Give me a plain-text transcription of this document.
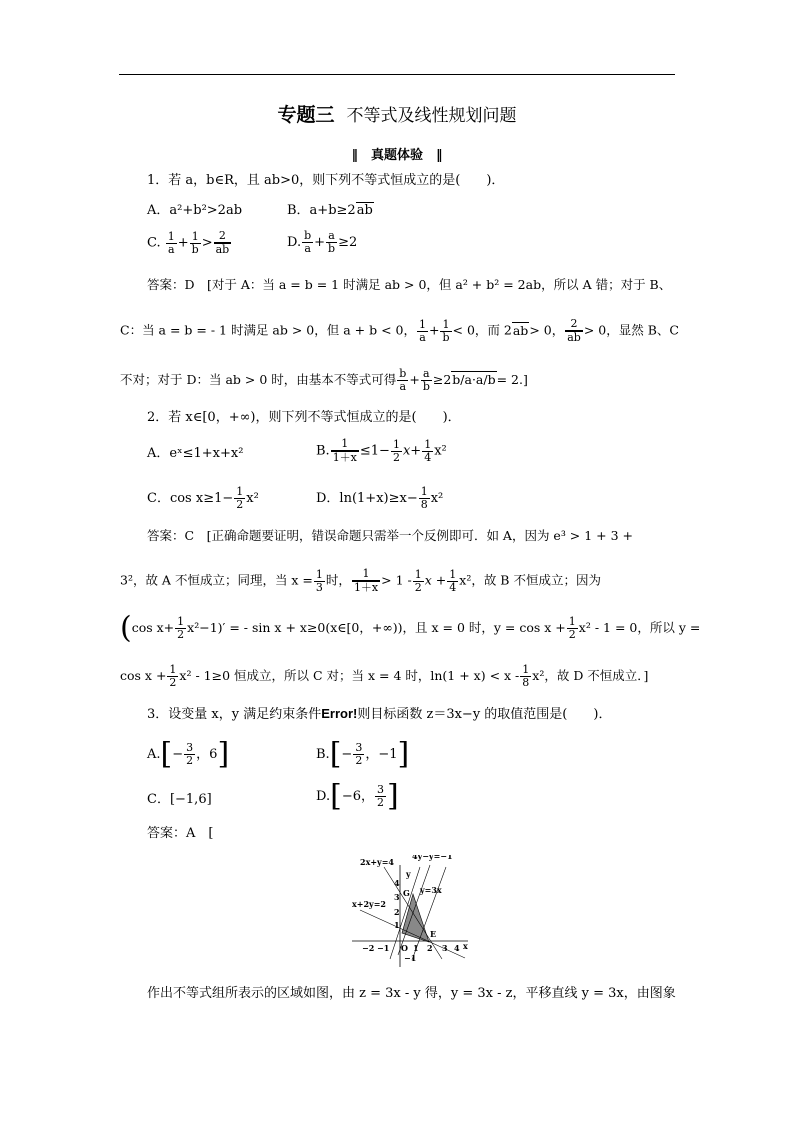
专题三 不等式及线性规划问题
‖　真题体验　‖
1．若 a，b∈R，且 ab>0，则下列不等式恒成立的是(　　)．
A．a²+b²>2ab	B．a+b≥2ab
C. $\frac{1}{a} + \frac{1}{b} > \frac{2}{ab}$	D. $\frac{b}{a} + \frac{a}{b} \ge 2$
答案：D　[对于 A：当 a = b = 1 时满足 ab > 0，但 a² + b² = 2ab，所以 A 错；对于 B、
C：当 a = b = - 1 时满足 ab > 0，但 a + b < 0， $\frac{1}{a} + \frac{1}{b} < 0$，而 2ab> 0， $\frac{2}{ab} > 0$，显然 B、C
不对；对于 D：当 ab > 0 时，由基本不等式可得 $\frac{b}{a} + \frac{a}{b} \ge 2b/a\cdot a/b= 2$.]
2．若 x∈[0，+∞)，则下列不等式恒成立的是(　　)．
A．eˣ≤1+x+x²	B. $\frac{1}{1+x} \le 1- \frac{1}{2} x+ \frac{1}{4} x^2$
C．$\cos x\ge 1- \frac{1}{2} x^2$	D．$\ln(1+x)\ge x- \frac{1}{8} x^2$
答案：C　[正确命题要证明，错误命题只需举一个反例即可．如 A，因为 e³ > 1 + 3 +
3²，故 A 不恒成立；同理，当 $x = \frac{1}{3}$ 时， $\frac{1}{1+x} > 1 - \frac{1}{2}$ $x + \frac{1}{4} x^2$，故 B 不恒成立；因为
(cos $x+ \frac{1}{2} x^2-1)'$ = - sin x + x≥0(x∈[0，+∞))，且 x = 0 时，$y = \cos x + \frac{1}{2} x^2 - 1 = 0$，所以 y =
$\cos x + \frac{1}{2} x^2 - 1\ge 0$ 恒成立，所以 C 对；当 x = 4 时，$\ln(1 + x) < x - \frac{1}{8} x^2$，故 D 不恒成立．]
3．设变量 x，y 满足约束条件Error!则目标函数 z＝3x−y 的取值范围是(　　)．
$A.[- \frac{3}{2}$ ，6]	$B.[- \frac{3}{2}$ ，−1]
C．[−1,6]	D.[−6， $\frac{3}{2}$ ]
答案：A　[
2x+y=4
4y−y=−1
y
4
3
2
1
x+2y=2
y=3x
G
E
−2 −1 O 1 2 3 4 x
−1
作出不等式组所表示的区域如图，由 z = 3x - y 得，y = 3x - z，平移直线 y = 3x，由图象
